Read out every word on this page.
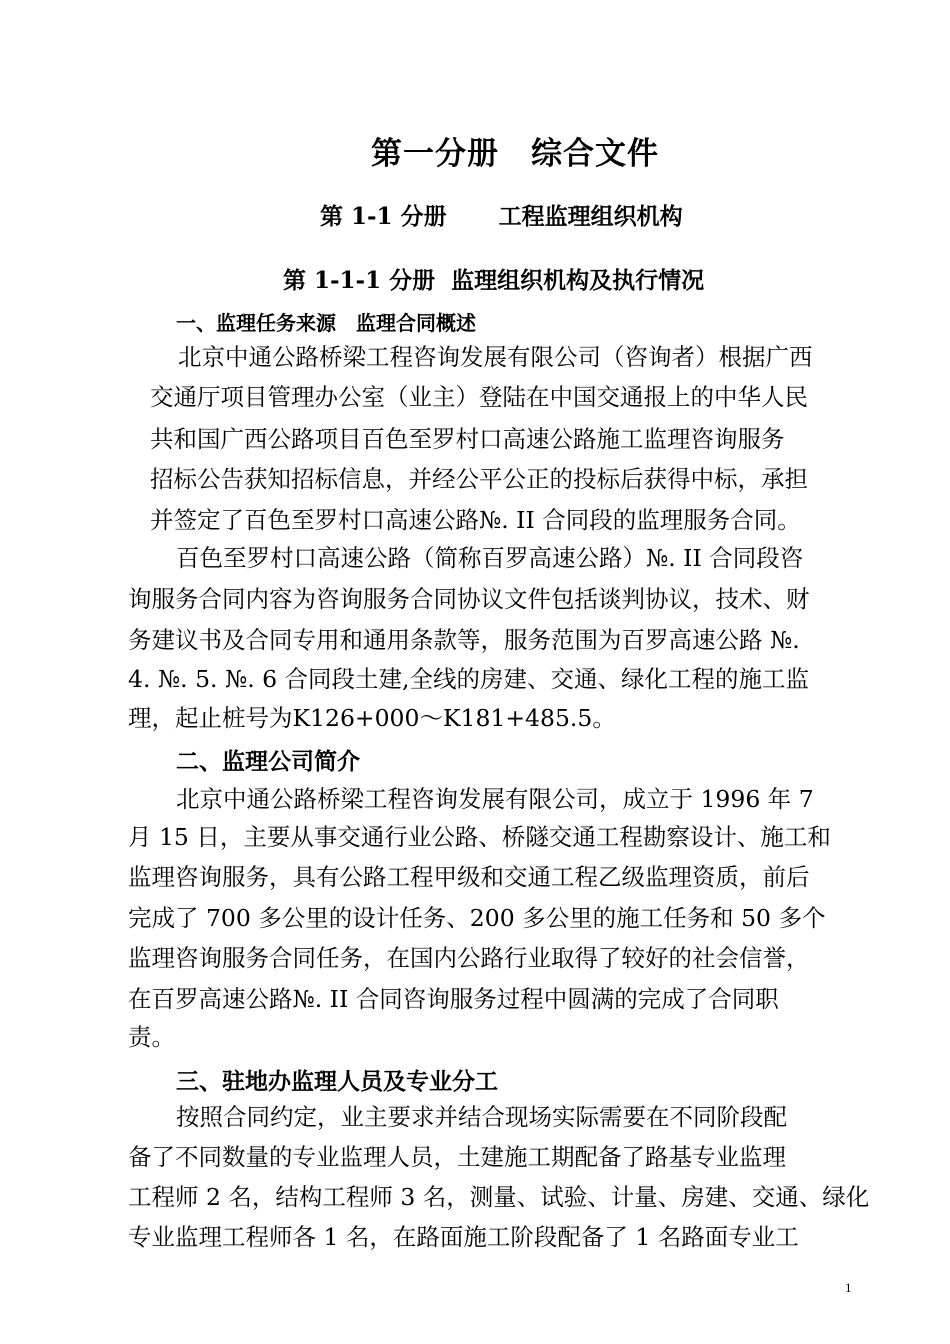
第一分册　综合文件
第 1-1 分册 工程监理组织机构
第 1-1-1 分册 监理组织机构及执行情况
一、监理任务来源 监理合同概述
北京中通公路桥梁工程咨询发展有限公司（咨询者）根据广西
交通厅项目管理办公室（业主）登陆在中国交通报上的中华人民
共和国广西公路项目百色至罗村口高速公路施工监理咨询服务
招标公告获知招标信息，并经公平公正的投标后获得中标，承担
并签定了百色至罗村口高速公路№. II 合同段的监理服务合同。
百色至罗村口高速公路（简称百罗高速公路）№. II 合同段咨
询服务合同内容为咨询服务合同协议文件包括谈判协议，技术、财
务建议书及合同专用和通用条款等，服务范围为百罗高速公路 №.
4. №. 5. №. 6 合同段土建,全线的房建、交通、绿化工程的施工监
理，起止桩号为K126+000～K181+485.5。
二、监理公司简介
北京中通公路桥梁工程咨询发展有限公司，成立于 1996 年 7
月 15 日，主要从事交通行业公路、桥隧交通工程勘察设计、施工和
监理咨询服务，具有公路工程甲级和交通工程乙级监理资质，前后
完成了 700 多公里的设计任务、200 多公里的施工任务和 50 多个
监理咨询服务合同任务，在国内公路行业取得了较好的社会信誉，
在百罗高速公路№. II 合同咨询服务过程中圆满的完成了合同职
责。
三、驻地办监理人员及专业分工
按照合同约定，业主要求并结合现场实际需要在不同阶段配
备了不同数量的专业监理人员，土建施工期配备了路基专业监理
工程师 2 名，结构工程师 3 名，测量、试验、计量、房建、交通、绿化
专业监理工程师各 1 名，在路面施工阶段配备了 1 名路面专业工
1
